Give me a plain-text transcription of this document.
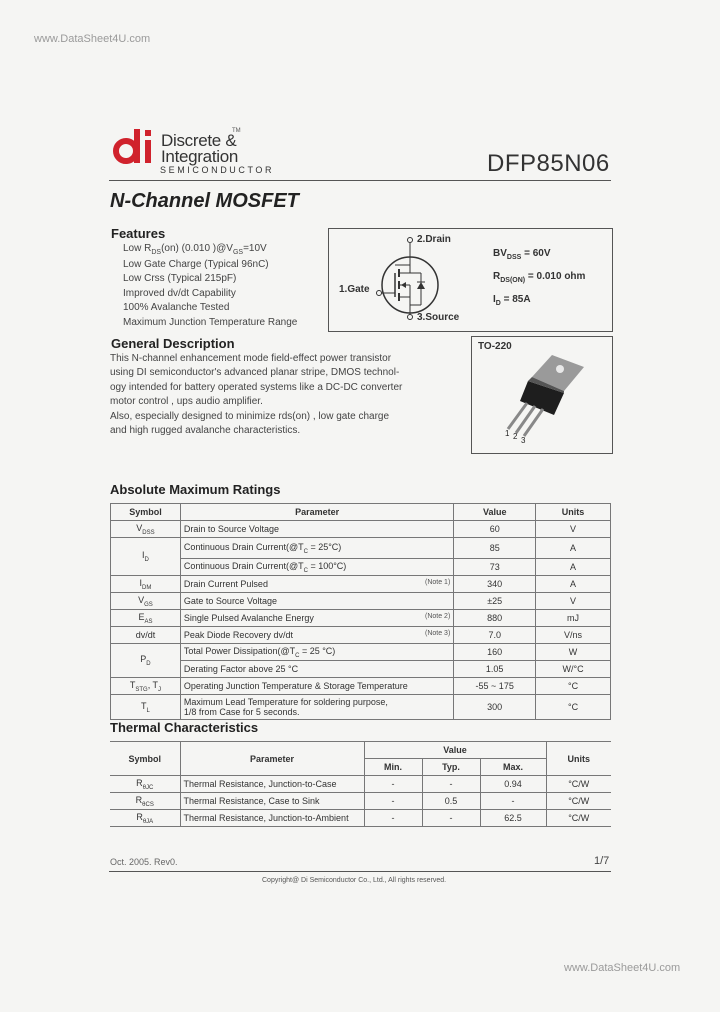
www.DataSheet4U.com
Discrete &
Integration
SEMICONDUCTOR
TM
DFP85N06
N-Channel MOSFET
Features
Low $R_{DS}(on)$ (0.010 )$@V_{GS}=10V$
Low Gate Charge (Typical 96nC)
Low Crss (Typical 215pF)
Improved dv/dt Capability
100% Avalanche Tested
Maximum Junction Temperature Range
2.Drain
1.Gate
3.Source
$BV_{DSS} = 60V$
$R_{DS(ON)} = 0.010$ ohm
$I_D = 85A$
General Description
This N-channel enhancement mode field-effect power transistor
using DI semiconductor's advanced planar stripe, DMOS technol-
ogy intended for battery operated systems like a DC-DC converter
motor control , ups audio amplifier.
Also, especially designed to minimize rds(on) , low gate charge
and high rugged avalanche characteristics.
TO-220
1 2 3
Absolute Maximum Ratings
Symbol	Parameter	Value	Units
$V_{DSS}$	Drain to Source Voltage	60	V
$I_D$	Continuous Drain $Current(@T_C = 25^\circ C)$	85	A
	Continuous Drain $Current(@T_C = 100^\circ C)$	73	A
$I_{DM}$	Drain Current Pulsed (Note 1)	340	A
$V_{GS}$	Gate to Source Voltage	±25	V
$E_{AS}$	Single Pulsed Avalanche Energy (Note 2)	880	mJ
dv/dt	Peak Diode Recovery dv/dt (Note 3)	7.0	V/ns
$P_D$	Total Power $Dissipation(@T_C = 25$ °C)	160	W
	Derating Factor above 25 °C	1.05	W/°C
$T_{STG}$, $T_J$	Operating Junction Temperature & Storage Temperature	-55 ~ 175	°C
$T_L$	Maximum Lead Temperature for soldering purpose,
1/8 from Case for 5 seconds.	300	°C
Thermal Characteristics
Symbol	Parameter	Value			Units
		Min.	Typ.	Max.	
$R_{\theta JC}$	Thermal Resistance, Junction-to-Case	-	-	0.94	°C/W
$R_{\theta CS}$	Thermal Resistance, Case to Sink	-	0.5	-	°C/W
$R_{\theta JA}$	Thermal Resistance, Junction-to-Ambient	-	-	62.5	°C/W
Oct. 2005. Rev0.	1/7
Copyright@ Di Semiconductor Co., Ltd., All rights reserved.
www.DataSheet4U.com
